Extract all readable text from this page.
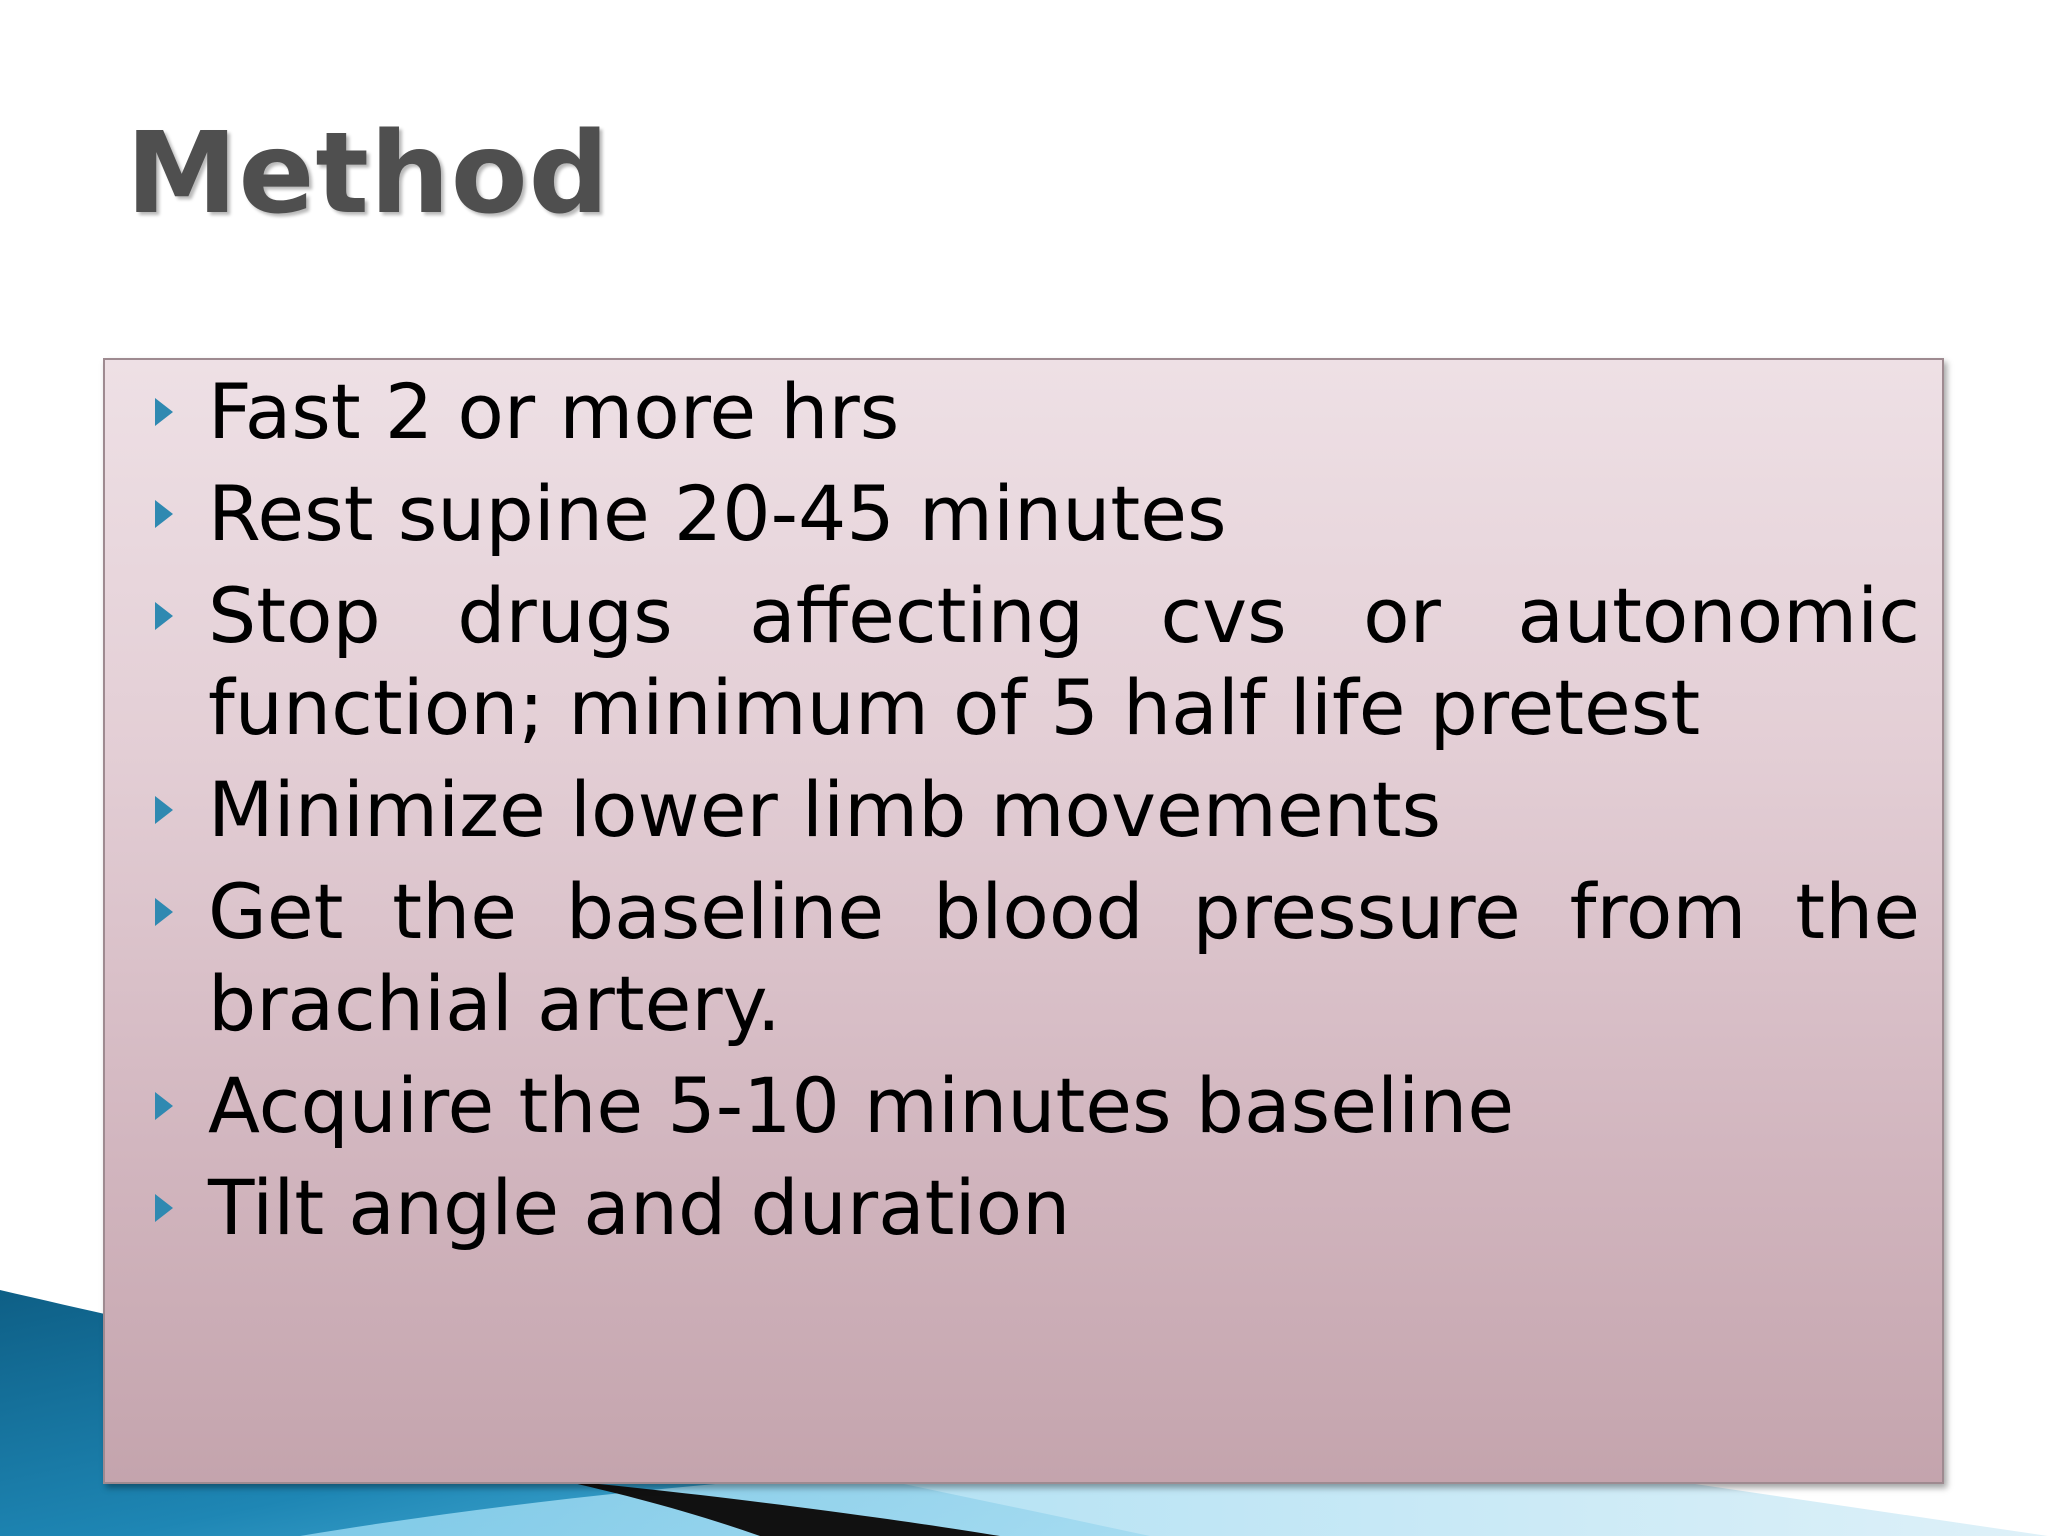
Method
Fast 2 or more hrs
Rest supine 20-45 minutes
Stop drugs affecting cvs or autonomic function; minimum of 5 half life pretest
Minimize lower limb movements
Get the baseline blood pressure from the brachial artery.
Acquire the 5-10 minutes baseline
Tilt angle and duration
